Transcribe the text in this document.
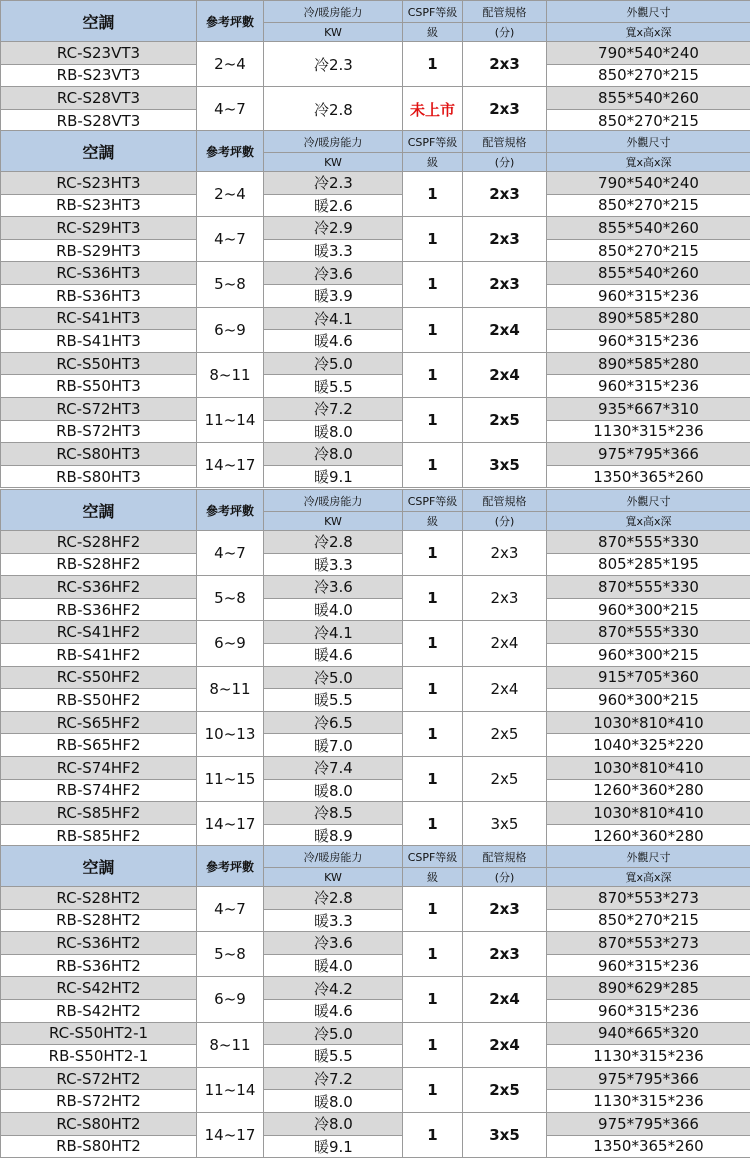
空調	參考坪數	冷/暖房能力	CSPF等級	配管規格	外觀尺寸
		KW	級	(分)	寬x高x深
RC-S23VT3	2~4	冷2.3	1	2x3	790*540*240
RB-S23VT3					850*270*215
RC-S28VT3	4~7	冷2.8	未上市	2x3	855*540*260
RB-S28VT3					850*270*215
空調	參考坪數	冷/暖房能力	CSPF等級	配管規格	外觀尺寸
		KW	級	(分)	寬x高x深
RC-S23HT3	2~4	冷2.3	1	2x3	790*540*240
RB-S23HT3		暖2.6			850*270*215
RC-S29HT3	4~7	冷2.9	1	2x3	855*540*260
RB-S29HT3		暖3.3			850*270*215
RC-S36HT3	5~8	冷3.6	1	2x3	855*540*260
RB-S36HT3		暖3.9			960*315*236
RC-S41HT3	6~9	冷4.1	1	2x4	890*585*280
RB-S41HT3		暖4.6			960*315*236
RC-S50HT3	8~11	冷5.0	1	2x4	890*585*280
RB-S50HT3		暖5.5			960*315*236
RC-S72HT3	11~14	冷7.2	1	2x5	935*667*310
RB-S72HT3		暖8.0			1130*315*236
RC-S80HT3	14~17	冷8.0	1	3x5	975*795*366
RB-S80HT3		暖9.1			1350*365*260
空調	參考坪數	冷/暖房能力	CSPF等級	配管規格	外觀尺寸
		KW	級	(分)	寬x高x深
RC-S28HF2	4~7	冷2.8	1	2x3	870*555*330
RB-S28HF2		暖3.3			805*285*195
RC-S36HF2	5~8	冷3.6	1	2x3	870*555*330
RB-S36HF2		暖4.0			960*300*215
RC-S41HF2	6~9	冷4.1	1	2x4	870*555*330
RB-S41HF2		暖4.6			960*300*215
RC-S50HF2	8~11	冷5.0	1	2x4	915*705*360
RB-S50HF2		暖5.5			960*300*215
RC-S65HF2	10~13	冷6.5	1	2x5	1030*810*410
RB-S65HF2		暖7.0			1040*325*220
RC-S74HF2	11~15	冷7.4	1	2x5	1030*810*410
RB-S74HF2		暖8.0			1260*360*280
RC-S85HF2	14~17	冷8.5	1	3x5	1030*810*410
RB-S85HF2		暖8.9			1260*360*280
空調	參考坪數	冷/暖房能力	CSPF等級	配管規格	外觀尺寸
		KW	級	(分)	寬x高x深
RC-S28HT2	4~7	冷2.8	1	2x3	870*553*273
RB-S28HT2		暖3.3			850*270*215
RC-S36HT2	5~8	冷3.6	1	2x3	870*553*273
RB-S36HT2		暖4.0			960*315*236
RC-S42HT2	6~9	冷4.2	1	2x4	890*629*285
RB-S42HT2		暖4.6			960*315*236
RC-S50HT2-1	8~11	冷5.0	1	2x4	940*665*320
RB-S50HT2-1		暖5.5			1130*315*236
RC-S72HT2	11~14	冷7.2	1	2x5	975*795*366
RB-S72HT2		暖8.0			1130*315*236
RC-S80HT2	14~17	冷8.0	1	3x5	975*795*366
RB-S80HT2		暖9.1			1350*365*260
